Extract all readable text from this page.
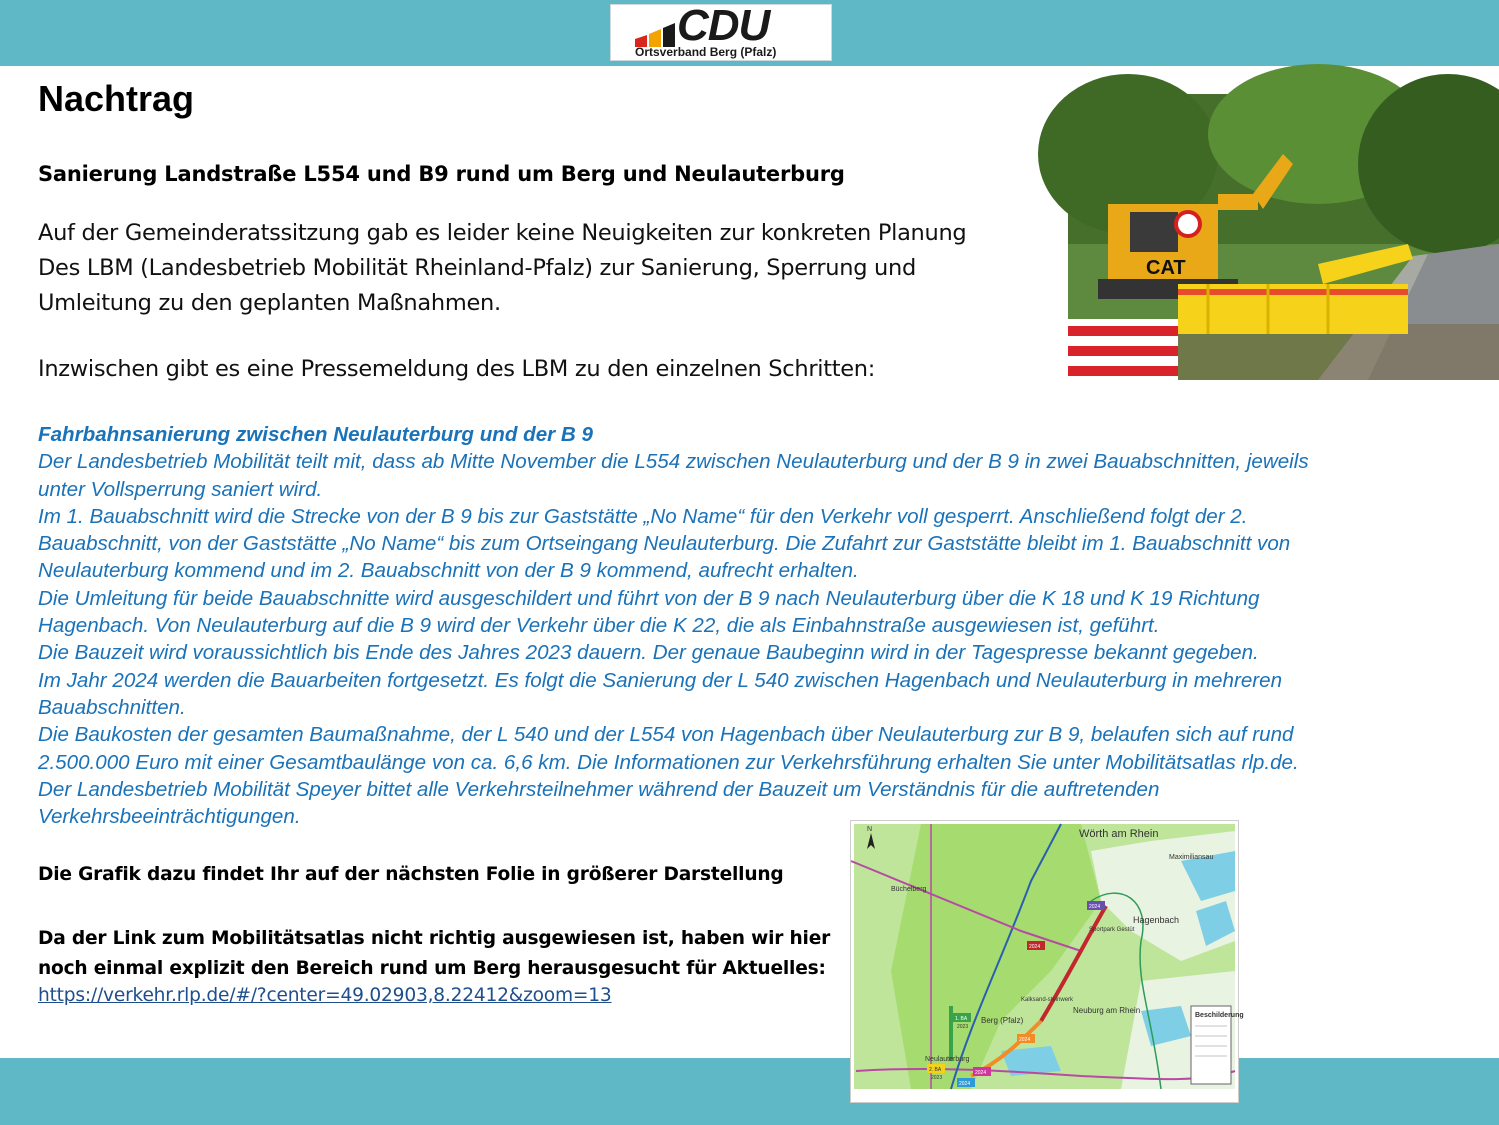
CDU
Ortsverband Berg (Pfalz)
Nachtrag
Sanierung Landstraße L554 und B9 rund um Berg und Neulauterburg

Auf der Gemeinderatssitzung gab es leider keine Neuigkeiten zur konkreten Planung

Des LBM (Landesbetrieb Mobilität Rheinland-Pfalz) zur Sanierung, Sperrung und

Umleitung zu den geplanten Maßnahmen.

Inzwischen gibt es eine Pressemeldung des LBM zu den einzelnen Schritten:
CAT

Fahrbahnsanierung zwischen Neulauterburg und der B 9

Der Landesbetrieb Mobilität teilt mit, dass ab Mitte November die L554 zwischen Neulauterburg und der B 9 in zwei Bauabschnitten, jeweils

unter Vollsperrung saniert wird.

Im 1. Bauabschnitt wird die Strecke von der B 9 bis zur Gaststätte „No Name“ für den Verkehr voll gesperrt. Anschließend folgt der 2.

Bauabschnitt, von der Gaststätte „No Name“ bis zum Ortseingang Neulauterburg. Die Zufahrt zur Gaststätte bleibt im 1. Bauabschnitt von

Neulauterburg kommend und im 2. Bauabschnitt von der B 9 kommend, aufrecht erhalten.

Die Umleitung für beide Bauabschnitte wird ausgeschildert und führt von der B 9 nach Neulauterburg über die K 18 und K 19 Richtung

Hagenbach. Von Neulauterburg auf die B 9 wird der Verkehr über die K 22, die als Einbahnstraße ausgewiesen ist, geführt.

Die Bauzeit wird voraussichtlich bis Ende des Jahres 2023 dauern. Der genaue Baubeginn wird in der Tagespresse bekannt gegeben.

Im Jahr 2024 werden die Bauarbeiten fortgesetzt. Es folgt die Sanierung der L 540 zwischen Hagenbach und Neulauterburg in mehreren

Bauabschnitten.

Die Baukosten der gesamten Baumaßnahme, der L 540 und der L554 von Hagenbach über Neulauterburg zur B 9, belaufen sich auf rund

2.500.000 Euro mit einer Gesamtbaulänge von ca. 6,6 km. Die Informationen zur Verkehrsführung erhalten Sie unter Mobilitätsatlas rlp.de.

Der Landesbetrieb Mobilität Speyer bittet alle Verkehrsteilnehmer während der Bauzeit um Verständnis für die auftretenden

Verkehrsbeeinträchtigungen.

Die Grafik dazu findet Ihr auf der nächsten Folie in größerer Darstellung

Da der Link zum Mobilitätsatlas nicht richtig ausgewiesen ist, haben wir hier

noch einmal explizit den Bereich rund um Berg herausgesucht für Aktuelles:

https://verkehr.rlp.de/#/?center=49.02903,8.22412&zoom=13
Beschilderung
N	Wörth am Rhein
Maximiliansau
Büchelberg
Hagenbach
Sportpark Gestüt
Kalksand-steinwerk
Berg (Pfalz)
Neuburg am Rhein
Neulauterburg
2024
2024
1. BA
2023
2024
2. BA
2023
2024
2024
